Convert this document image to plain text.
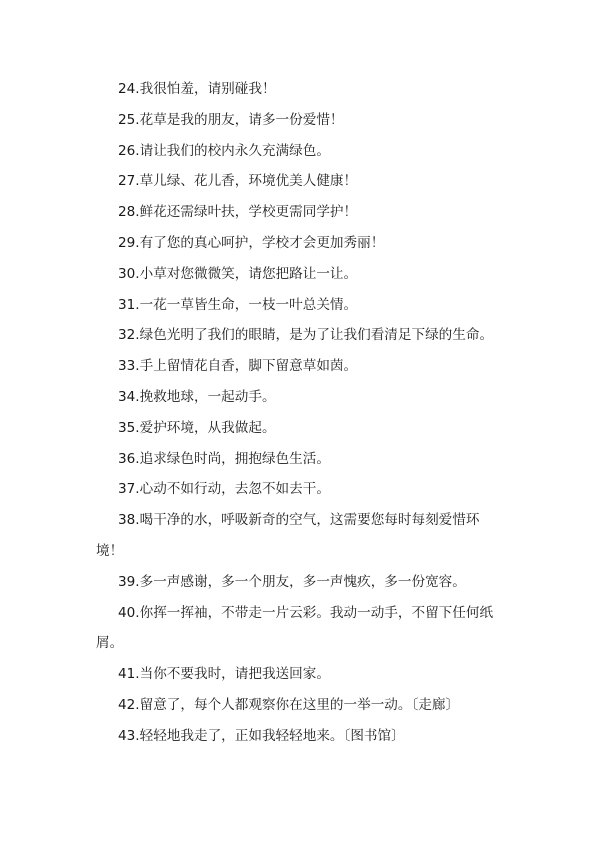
24.我很怕羞，请别碰我！
25.花草是我的朋友，请多一份爱惜！
26.请让我们的校内永久充满绿色。
27.草儿绿、花儿香，环境优美人健康！
28.鲜花还需绿叶扶，学校更需同学护！
29.有了您的真心呵护，学校才会更加秀丽！
30.小草对您微微笑，请您把路让一让。
31.一花一草皆生命，一枝一叶总关情。
32.绿色光明了我们的眼睛，是为了让我们看清足下绿的生命。
33.手上留情花自香，脚下留意草如茵。
34.挽救地球，一起动手。
35.爱护环境，从我做起。
36.追求绿色时尚，拥抱绿色生活。
37.心动不如行动，去忽不如去干。
38.喝干净的水，呼吸新奇的空气，这需要您每时每刻爱惜环
境！
39.多一声感谢，多一个朋友，多一声愧疚，多一份宽容。
40.你挥一挥袖，不带走一片云彩。我动一动手，不留下任何纸
屑。
41.当你不要我时，请把我送回家。
42.留意了，每个人都观察你在这里的一举一动。〔走廊〕
43.轻轻地我走了，正如我轻轻地来。〔图书馆〕
